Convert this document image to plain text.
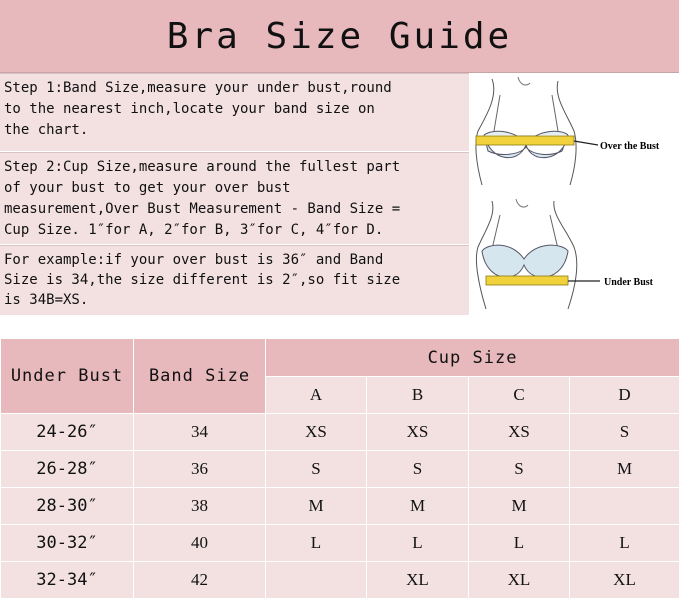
Bra Size Guide
Step 1:Band Size,measure your under bust,round
to the nearest inch,locate your band size on
the chart.
Step 2:Cup Size,measure around the fullest part
of your bust to get your over bust
measurement,Over Bust Measurement - Band Size =
Cup Size. 1″for A, 2″for B, 3″for C, 4″for D.
For example:if your over bust is 36″ and Band
Size is 34,the size different is 2″,so fit size
is 34B=XS.
Over the Bust
Under Bust
Under Bust	Band Size	Cup Size			
		A	B	C	D
24-26″	34	XS	XS	XS	S
26-28″	36	S	S	S	M
28-30″	38	M	M	M	
30-32″	40	L	L	L	L
32-34″	42		XL	XL	XL
